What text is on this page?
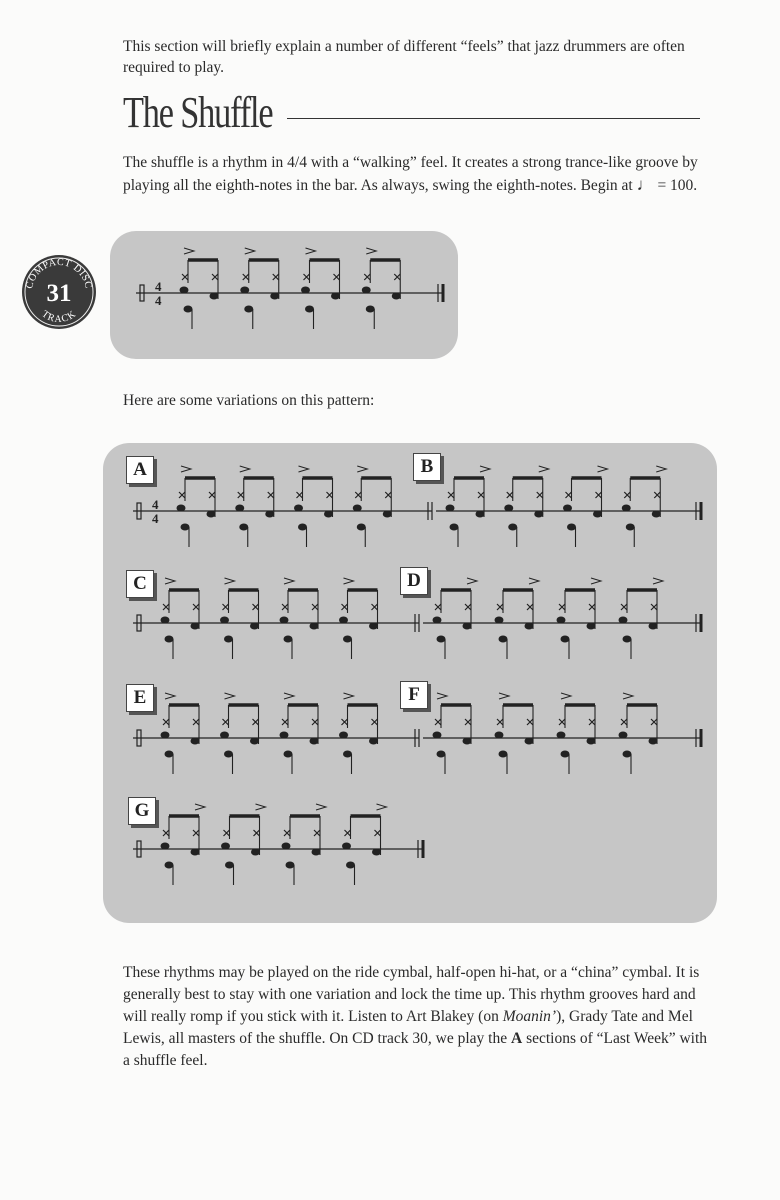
This section will briefly explain a number of different “feels” that jazz drummers are often required to play.

The Shuffle

The shuffle is a rhythm in 4/4 with a “walking” feel. It creates a strong trance-like groove by playing all the eighth-notes in the bar. As always, swing the eighth-notes. Begin at ♩ = 100.

COMPACT DISC
TRACK
31	4
4
Here are some variations on this pattern:
4
4
A	B
C	D
E	F
G

These rhythms may be played on the ride cymbal, half-open hi-hat, or a “china” cymbal. It is generally best to stay with one variation and lock the time up. This rhythm grooves hard and will really romp if you stick with it. Listen to Art Blakey (on Moanin’), Grady Tate and Mel Lewis, all masters of the shuffle. On CD track 30, we play the A sections of “Last Week” with a shuffle feel.
